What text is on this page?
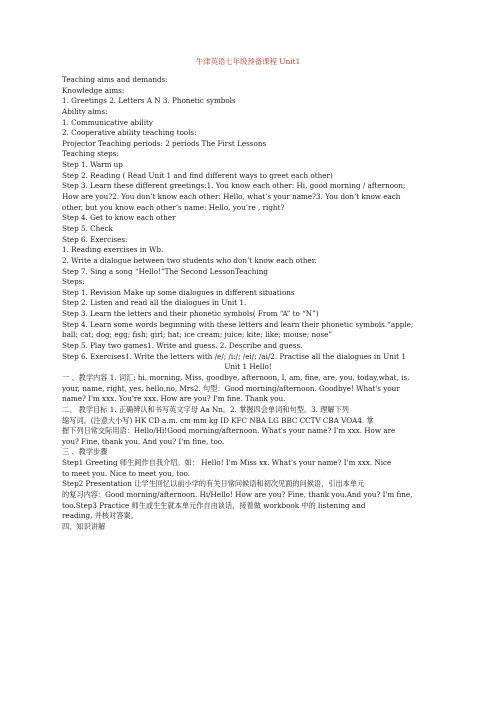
牛津英语七年级预备课程 Unit1
Teaching aims and demands:
Knowledge aims:
1. Greetings 2. Letters A N 3. Phonetic symbols
Ability aims:
1. Communicative ability
2. Cooperative ability teaching tools:
Projector Teaching periods: 2 periods The First Lessons
Teaching steps:
Step 1. Warm up
Step 2. Reading ( Read Unit 1 and find different ways to greet each other)
Step 3. Learn these different greetings:1. You know each other: Hi, good morning / afternoon;
How are you?2. You don’t know each other: Hello, what’s your name?3. You don’t know each
other, but you know each other’s name: Hello, you’re , right?
Step 4. Get to know each other
Step 5. Check
Step 6. Exercises:
1. Reading exercises in Wb.
2. Write a dialogue between two students who don’t know each other.
Step 7. Sing a song “Hello!”The Second LessonTeaching
Steps:
Step 1. Revision Make up some dialogues in different situations
Step 2. Listen and read all the dialogues in Unit 1.
Step 3. Learn the letters and their phonetic symbols( From “A” to “N”)
Step 4. Learn some words beginning with these letters and learn their phonetic symbols.“apple;
ball; cat; dog; egg; fish; girl; hat; ice cream; juice; kite; like; mouse; nose”
Step 5. Play two games1. Write and guess. 2. Describe and guess.
Step 6. Exercises1. Write the letters with /e/; /i:/; /ei/; /ai/2. Practise all the dialogues in Unit 1
Unit 1 Hello!
一 、教学内容 1. 词汇: hi, morning, Miss, goodbye, afternoon, I, am, fine, are, you, today,what, is,
your, name, right, yes, hello,no, Mrs2. 句型：Good morning/afternoon. Goodbye! What's your
name? I'm xxx. You're xxx. How are you? I'm fine. Thank you.
二、 教学目标 1. 正确辨认和书写英文字母 Aa Nn。2. 掌握四会单词和句型。3. 理解下列
缩写词。(注意大小写) HK CD a.m. cm mm kg ID KFC NBA LG BBC CCTV CBA VOA4. 掌
握下列日常交际用语：Hello/Hi!Good morning/afternoon. What's your name? I'm xxx. How are
you? Fine, thank you. And you? I'm fine, too.
三 、教学步骤
Step1 Greeting 师生间作自我介绍。如： Hello! I'm Miss xx. What's your name? I'm xxx. Nice
to meet you. Nice to meet you, too.
Step2 Presentation 让学生回忆以前小学的有关日常问候语和初次见面的问候语，引出本单元
的复习内容：Good morning/afternoon. Hi/Hello! How are you? Fine, thank you.And you? I'm fine,
too.Step3 Practice 师生或生生就本单元作自由谈话，接着做 workbook 中的 listening and
reading, 并核对答案。
四、知识讲解
